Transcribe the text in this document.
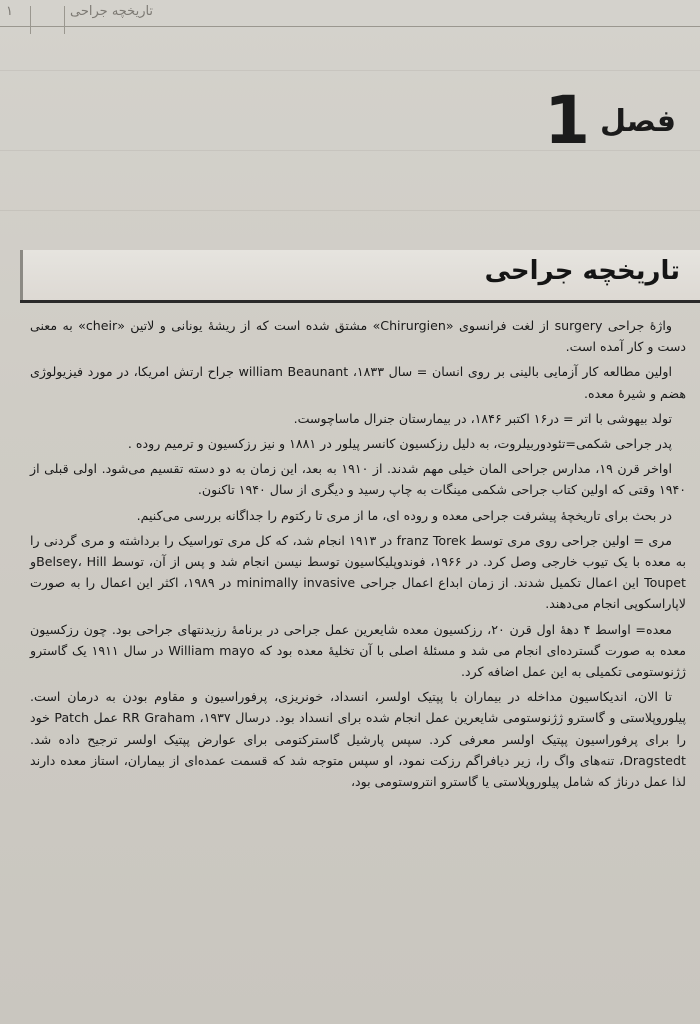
۱	تاریخچه جراحی
فصل
1
تاریخچه جراحی

واژهٔ جراحی surgery از لغت فرانسوی «Chirurgien» مشتق شده است که از ریشهٔ یونانی و لاتین «cheir» به معنی دست و کار آمده است.

اولین مطالعه کار آزمایی بالینی بر روی انسان = سال ۱۸۳۳، william Beaunant جراح ارتش امریکا، در مورد فیزیولوژی هضم و شیرهٔ معده.

تولد بیهوشی با اتر = در۱۶ اکتبر ۱۸۴۶، در بیمارستان جنرال ماساچوست.

پدر جراحی شکمی=تئودوربیلروت، به دلیل رزکسیون کانسر پیلور در ۱۸۸۱ و نیز رزکسیون و ترمیم روده .

اواخر قرن ۱۹، مدارس جراحی المان خیلی مهم شدند. از ۱۹۱۰ به بعد، این زمان به دو دسته تقسیم می‌شود. اولی قبلی از ۱۹۴۰ وقتی که اولین کتاب جراحی شکمی مینگات به چاپ رسید و دیگری از سال ۱۹۴۰ تاکنون.

در بحث برای تاریخچهٔ پیشرفت جراحی معده و روده ای، ما از مری تا رکتوم را جداگانه بررسی می‌کنیم.

مری = اولین جراحی روی مری توسط franz Torek در ۱۹۱۳ انجام شد، که کل مری توراسیک را برداشته و مری گردنی را به معده با یک تیوب خارجی وصل کرد. در ۱۹۶۶، فوندوپلیکاسیون توسط نیسن انجام شد و پس از آن، توسط Belsey، Hillو Toupet این اعمال تکمیل شدند. از زمان ابداع اعمال جراحی minimally invasive در ۱۹۸۹، اکثر این اعمال را به صورت لاپاراسکوپی انجام می‌دهند.

معده= اواسط ۴ دههٔ اول قرن ۲۰، رزکسیون معده شایعرین عمل جراحی در برنامهٔ رزیدنتهای جراحی بود. چون رزکسیون معده به صورت گسترده‌ای انجام می شد و مسئلهٔ اصلی با آن تخلیهٔ معده بود که William mayo در سال ۱۹۱۱ یک گاسترو ژژنوستومی تکمیلی به این عمل اضافه کرد.

تا الان، اندیکاسیون مداخله در بیماران با پپتیک اولسر، انسداد، خونریزی، پرفوراسیون و مقاوم بودن به درمان است. پیلوروپلاستی و گاسترو ژژنوستومی شایعرین عمل انجام شده برای انسداد بود. درسال ۱۹۳۷، RR Graham عمل Patch خود را برای پرفوراسیون پپتیک اولسر معرفی کرد. سپس پارشیل گاسترکتومی برای عوارض پپتیک اولسر ترجیح داده شد. Dragstedt، تنه‌های واگ را، زیر دیافراگم رزکت نمود، او سپس متوجه شد که قسمت عمده‌ای از بیماران، استاز معده دارند لذا عمل درناژ که شامل پیلوروپلاستی یا گاسترو انتروستومی بود،
